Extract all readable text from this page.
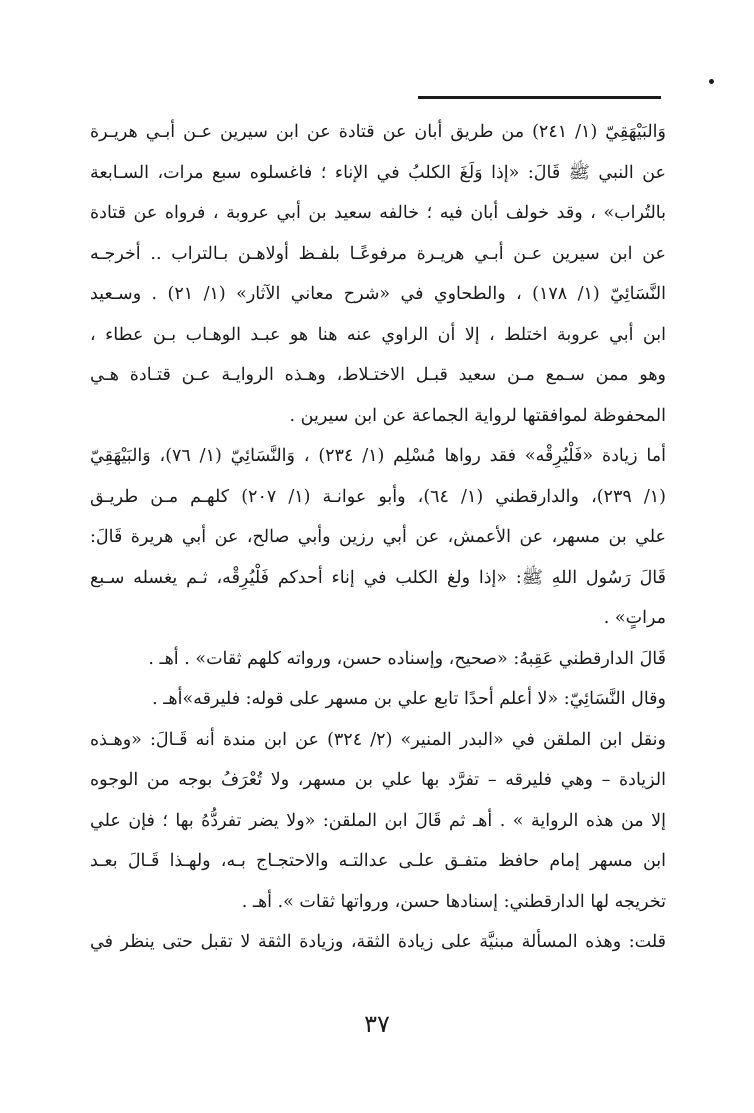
وَالبَيْهَقِيّ (١/ ٢٤١) من طريق أبان عن قتادة عن ابن سيرين عـن أبـي هريـرة
عن النبي ﷺ قَالَ: «إذا وَلَغَ الكلبُ في الإناء ؛ فاغسلوه سبع مرات، السـابعة
بالتُراب» ، وقد خولف أبان فيه ؛ خالفه سعيد بن أبي عروبة ، فرواه عن قتادة
عن ابن سيرين عـن أبـي هريـرة مرفوعًـا بلفـظ أولاهـن بـالتراب .. أخرجـه
النَّسَائِيّ (١/ ١٧٨) ، والطحاوي في «شرح معاني الآثار» (١/ ٢١) . وسـعيد
ابن أبي عروبة اختلط ، إلا أن الراوي عنه هنا هو عبـد الوهـاب بـن عطاء ،
وهو ممن سـمع مـن سعيد قبـل الاختـلاط، وهـذه الروايـة عـن قتـادة هـي
المحفوظة لموافقتها لرواية الجماعة عن ابن سيرين .
أما زيادة «فَلْيُرِقْه» فقد رواها مُسْلِم (١/ ٢٣٤) ، وَالنَّسَائِيّ (١/ ٧٦)، وَالبَيْهَقِيّ
(١/ ٢٣٩)، والدارقطني (١/ ٦٤)، وأبو عوانـة (١/ ٢٠٧) كلهـم مـن طريـق
علي بن مسهر، عن الأعمش، عن أبي رزين وأبي صالح، عن أبي هريرة قَالَ:
قَالَ رَسُول اللهِ ﷺ: «إذا ولغ الكلب في إناء أحدكم فَلْيُرِقْه، ثـم يغسله سـبع
مراتٍ» .
قَالَ الدارقطني عَقِبهُ: «صحيح، وإسناده حسن، ورواته كلهم ثقات» . أهـ .
وقال النَّسَائِيّ: «لا أعلم أحدًا تابع علي بن مسهر على قوله: فليرقه»أهـ .
ونقل ابن الملقن في «البدر المنير» (٢/ ٣٢٤) عن ابن مندة أنه قَـالَ: «وهـذه
الزيادة – وهي فليرقه – تفرَّد بها علي بن مسهر، ولا تُعْرَفُ بوجه من الوجوه
إلا من هذه الرواية » . أهـ ثم قَالَ ابن الملقن: «ولا يضر تفردُّهُ بها ؛ فإن علي
ابن مسهر إمام حافظ متفـق علـى عدالتـه والاحتجـاج بـه، ولهـذا قَـالَ بعـد
تخريجه لها الدارقطني: إسنادها حسن، ورواتها ثقات ». أهـ .
قلت: وهذه المسألة مبنيَّة على زيادة الثقة، وزيادة الثقة لا تقبل حتى ينظر في
٣٧
